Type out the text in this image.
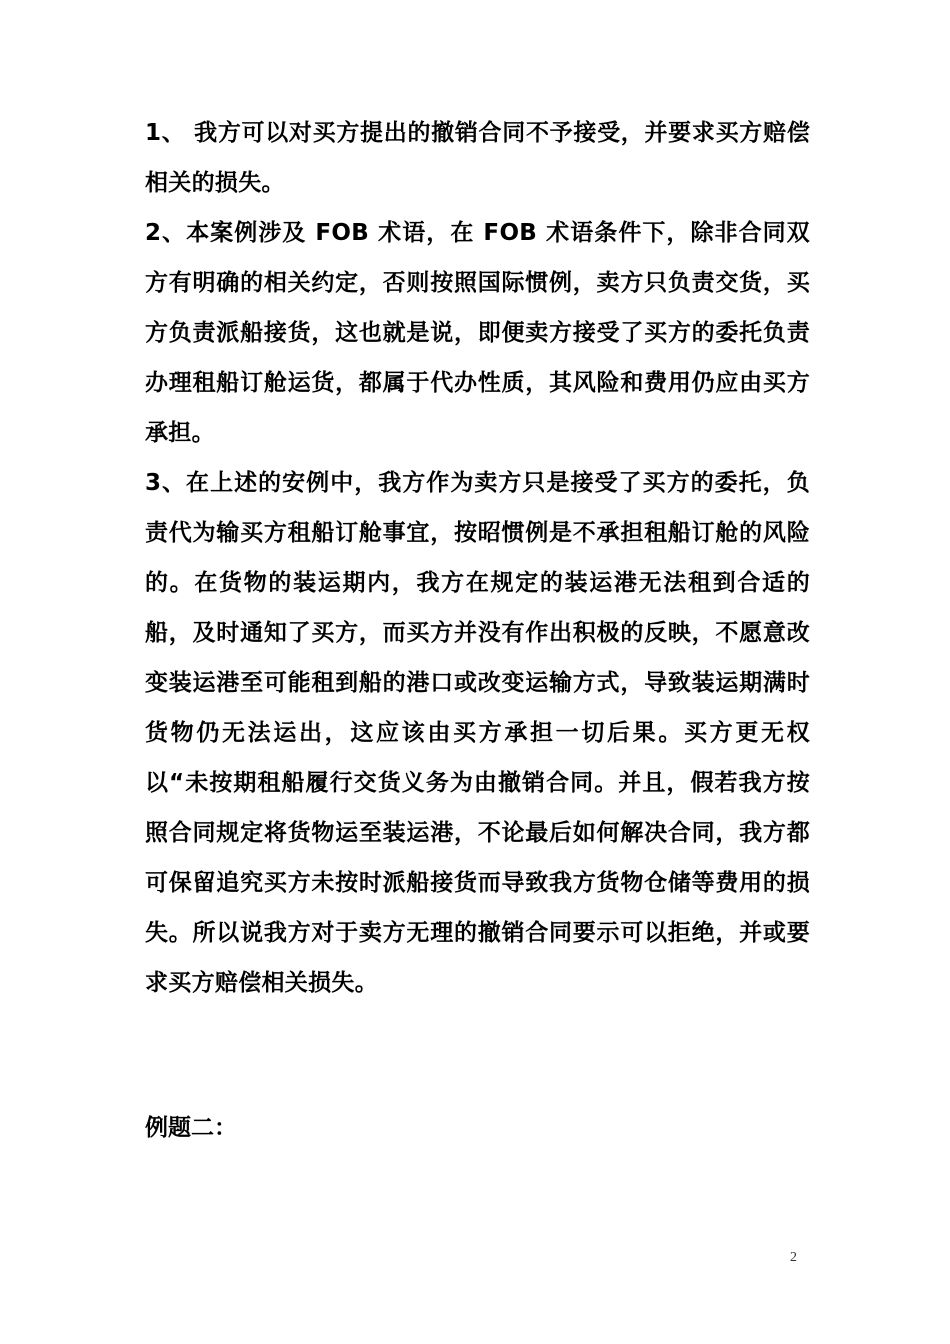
1、 我方可以对买方提出的撤销合同不予接受，并要求买方赔偿相关的损失。

2、本案例涉及 FOB 术语，在 FOB 术语条件下，除非合同双方有明确的相关约定，否则按照国际惯例，卖方只负责交货，买方负责派船接货，这也就是说，即便卖方接受了买方的委托负责办理租船订舱运货，都属于代办性质，其风险和费用仍应由买方承担。

3、在上述的安例中，我方作为卖方只是接受了买方的委托，负责代为输买方租船订舱事宜，按昭惯例是不承担租船订舱的风险的。在货物的装运期内，我方在规定的装运港无法租到合适的船，及时通知了买方，而买方并没有作出积极的反映，不愿意改变装运港至可能租到船的港口或改变运输方式，导致装运期满时货物仍无法运出，这应该由买方承担一切后果。买方更无权以“未按期租船履行交货义务为由撤销合同。并且，假若我方按照合同规定将货物运至装运港，不论最后如何解决合同，我方都可保留追究买方未按时派船接货而导致我方货物仓储等费用的损失。所以说我方对于卖方无理的撤销合同要示可以拒绝，并或要求买方赔偿相关损失。

例题二：

2
